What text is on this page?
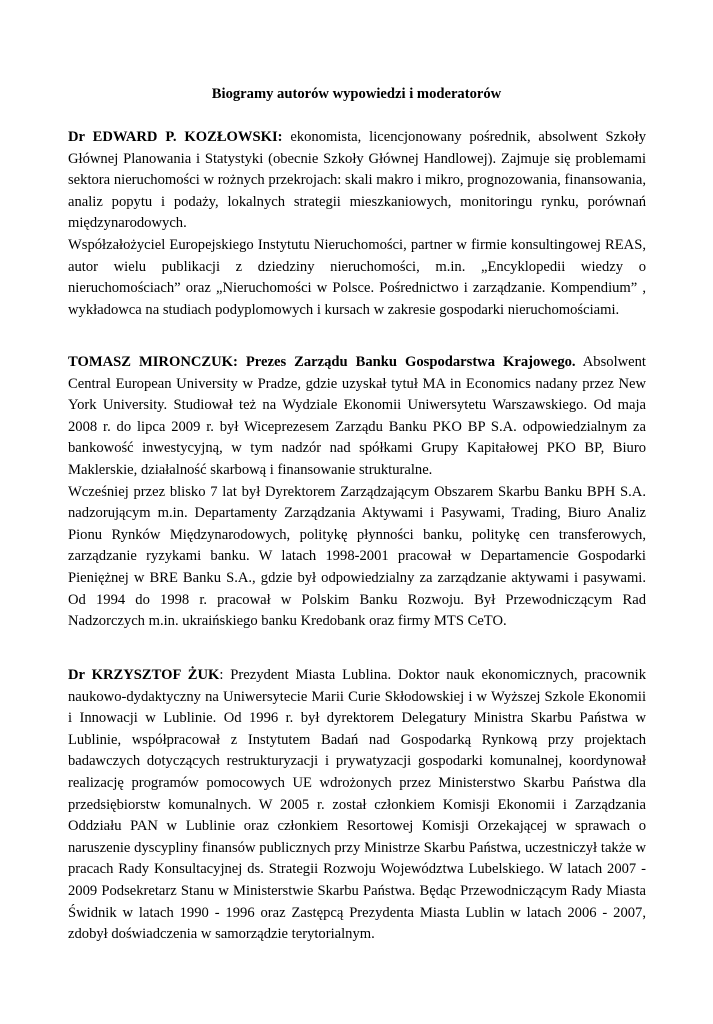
Biogramy autorów wypowiedzi i moderatorów

Dr EDWARD P. KOZŁOWSKI: ekonomista, licencjonowany pośrednik, absolwent Szkoły Głównej Planowania i Statystyki (obecnie Szkoły Głównej Handlowej). Zajmuje się problemami sektora nieruchomości w rożnych przekrojach: skali makro i mikro, prognozowania, finansowania, analiz popytu i podaży, lokalnych strategii mieszkaniowych, monitoringu rynku, porównań międzynarodowych.

Współzałożyciel Europejskiego Instytutu Nieruchomości, partner w firmie konsultingowej REAS, autor wielu publikacji z dziedziny nieruchomości, m.in. „Encyklopedii wiedzy o nieruchomościach” oraz „Nieruchomości w Polsce. Pośrednictwo i zarządzanie. Kompendium” , wykładowca na studiach podyplomowych i kursach w zakresie gospodarki nieruchomościami.

TOMASZ MIRONCZUK: Prezes Zarządu Banku Gospodarstwa Krajowego. Absolwent Central European University w Pradze, gdzie uzyskał tytuł MA in Economics nadany przez New York University. Studiował też na Wydziale Ekonomii Uniwersytetu Warszawskiego. Od maja 2008 r. do lipca 2009 r. był Wiceprezesem Zarządu Banku PKO BP S.A. odpowiedzialnym za bankowość inwestycyjną, w tym nadzór nad spółkami Grupy Kapitałowej PKO BP, Biuro Maklerskie, działalność skarbową i finansowanie strukturalne.

Wcześniej przez blisko 7 lat był Dyrektorem Zarządzającym Obszarem Skarbu Banku BPH S.A. nadzorującym m.in. Departamenty Zarządzania Aktywami i Pasywami, Trading, Biuro Analiz Pionu Rynków Międzynarodowych, politykę płynności banku, politykę cen transferowych, zarządzanie ryzykami banku. W latach 1998-2001 pracował w Departamencie Gospodarki Pieniężnej w BRE Banku S.A., gdzie był odpowiedzialny za zarządzanie aktywami i pasywami. Od 1994 do 1998 r. pracował w Polskim Banku Rozwoju. Był Przewodniczącym Rad Nadzorczych m.in. ukraińskiego banku Kredobank oraz firmy MTS CeTO.

Dr KRZYSZTOF ŻUK: Prezydent Miasta Lublina. Doktor nauk ekonomicznych, pracownik naukowo-dydaktyczny na Uniwersytecie Marii Curie Skłodowskiej i w Wyższej Szkole Ekonomii i Innowacji w Lublinie. Od 1996 r. był dyrektorem Delegatury Ministra Skarbu Państwa w Lublinie, współpracował z Instytutem Badań nad Gospodarką Rynkową przy projektach badawczych dotyczących restrukturyzacji i prywatyzacji gospodarki komunalnej, koordynował realizację programów pomocowych UE wdrożonych przez Ministerstwo Skarbu Państwa dla przedsiębiorstw komunalnych. W 2005 r. został członkiem Komisji Ekonomii i Zarządzania Oddziału PAN w Lublinie oraz członkiem Resortowej Komisji Orzekającej w sprawach o naruszenie dyscypliny finansów publicznych przy Ministrze Skarbu Państwa, uczestniczył także w pracach Rady Konsultacyjnej ds. Strategii Rozwoju Województwa Lubelskiego. W latach 2007 - 2009 Podsekretarz Stanu w Ministerstwie Skarbu Państwa. Będąc Przewodniczącym Rady Miasta Świdnik w latach 1990 - 1996 oraz Zastępcą Prezydenta Miasta Lublin w latach 2006 - 2007, zdobył doświadczenia w samorządzie terytorialnym.
